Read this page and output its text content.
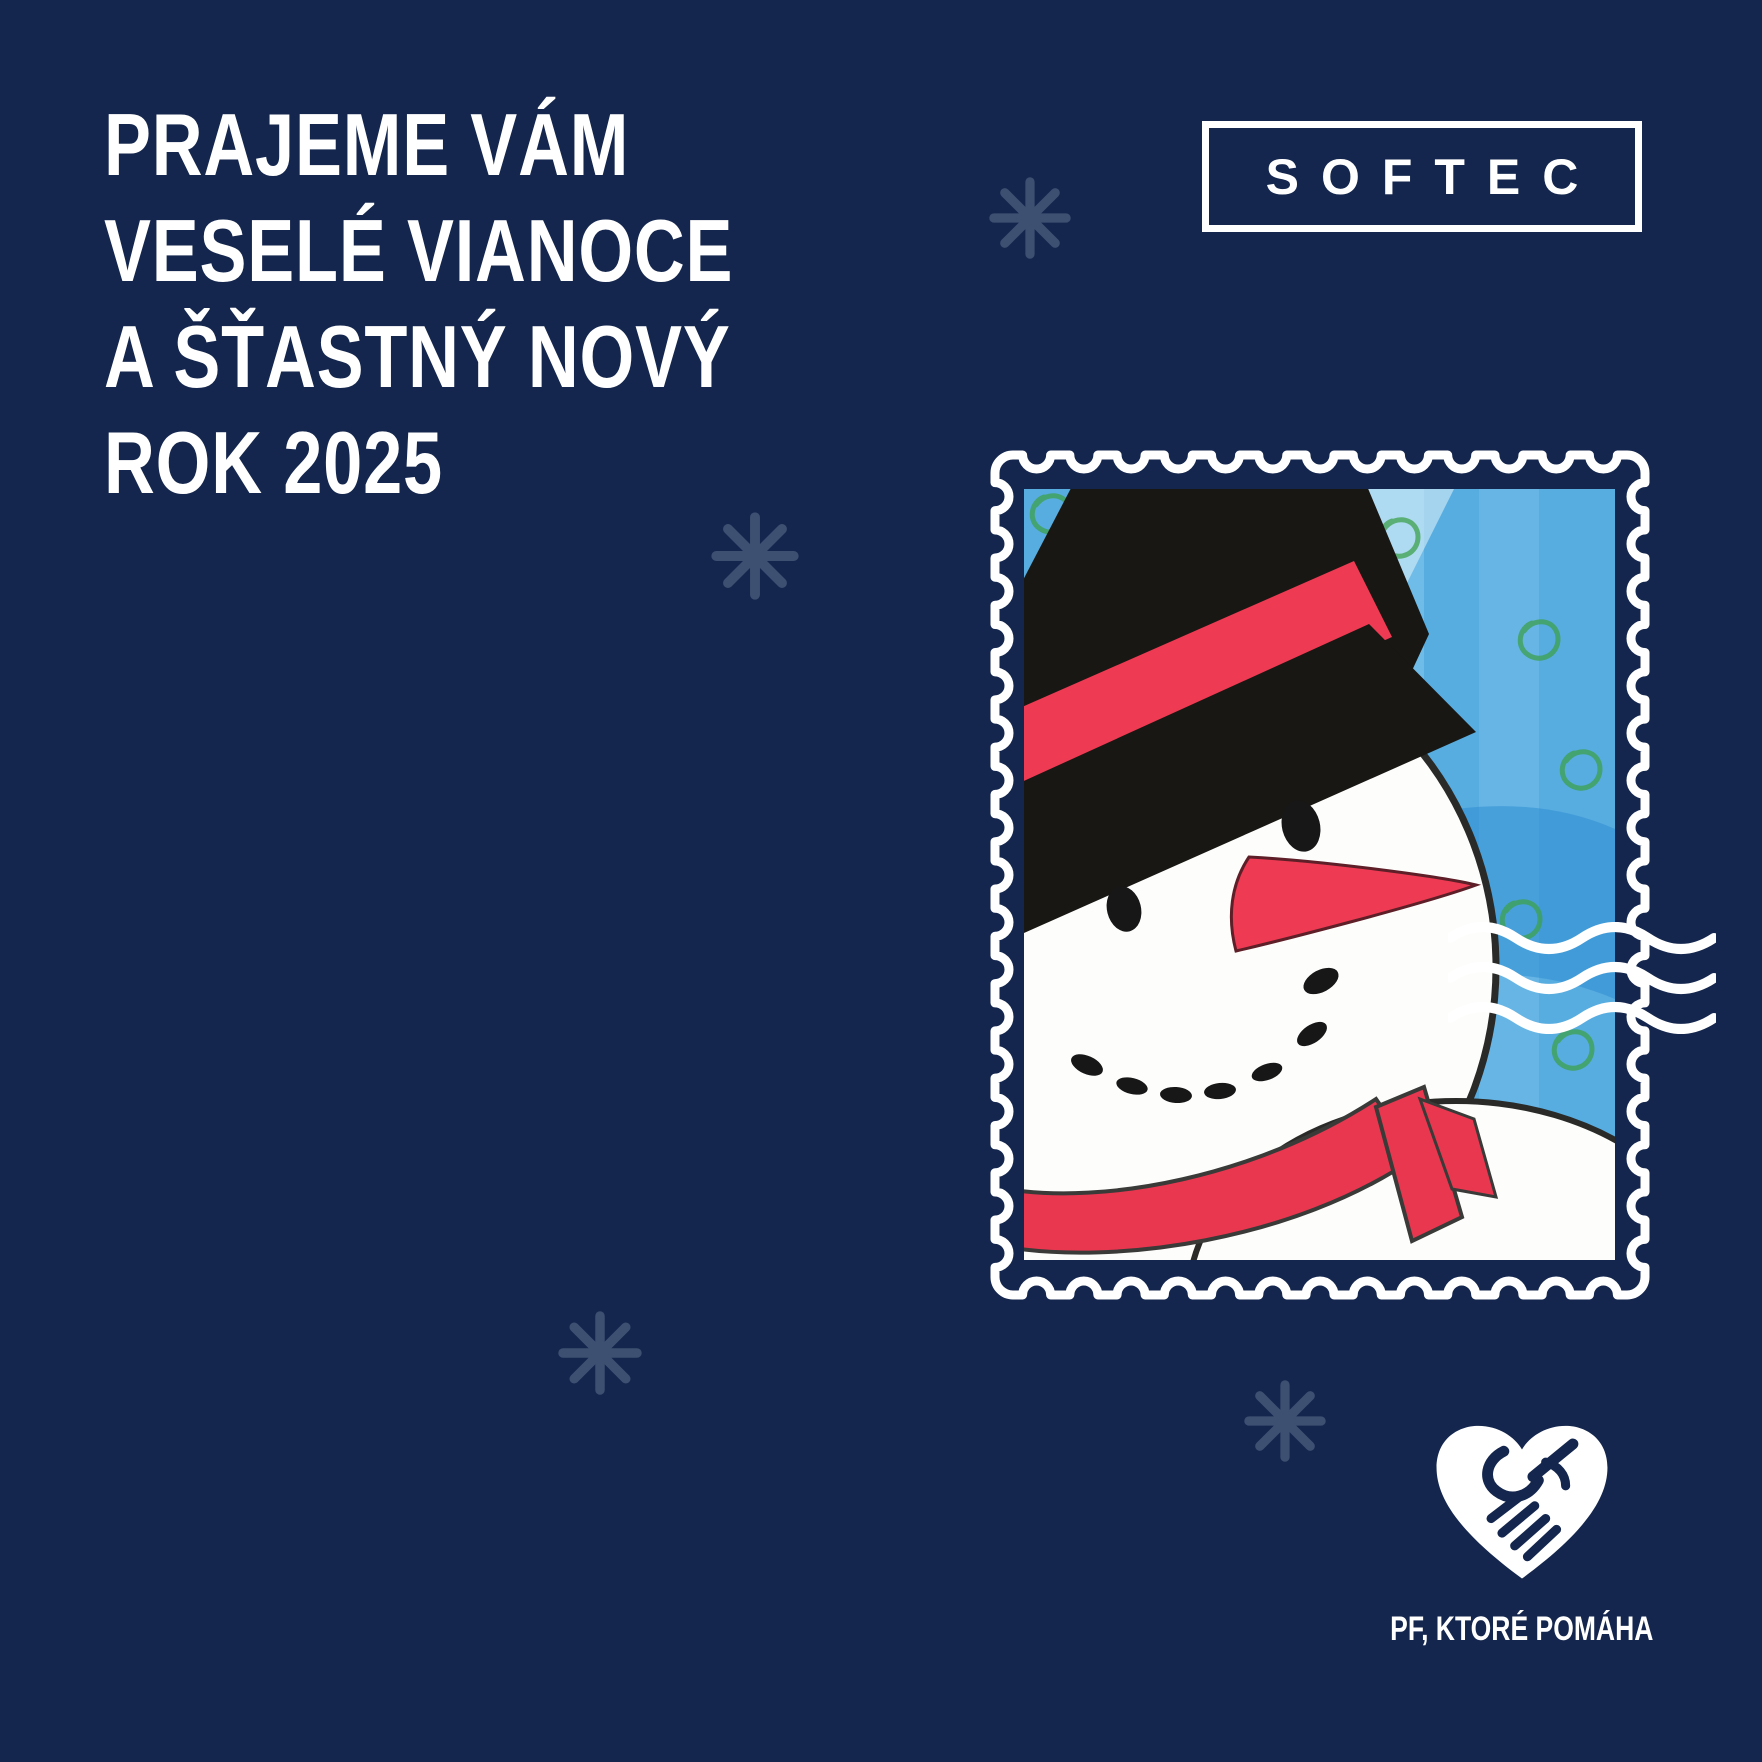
PRAJEME VÁM
VESELÉ VIANOCE
A ŠŤASTNÝ NOVÝ
ROK 2025
SOFTEC
PF, KTORÉ POMÁHA
